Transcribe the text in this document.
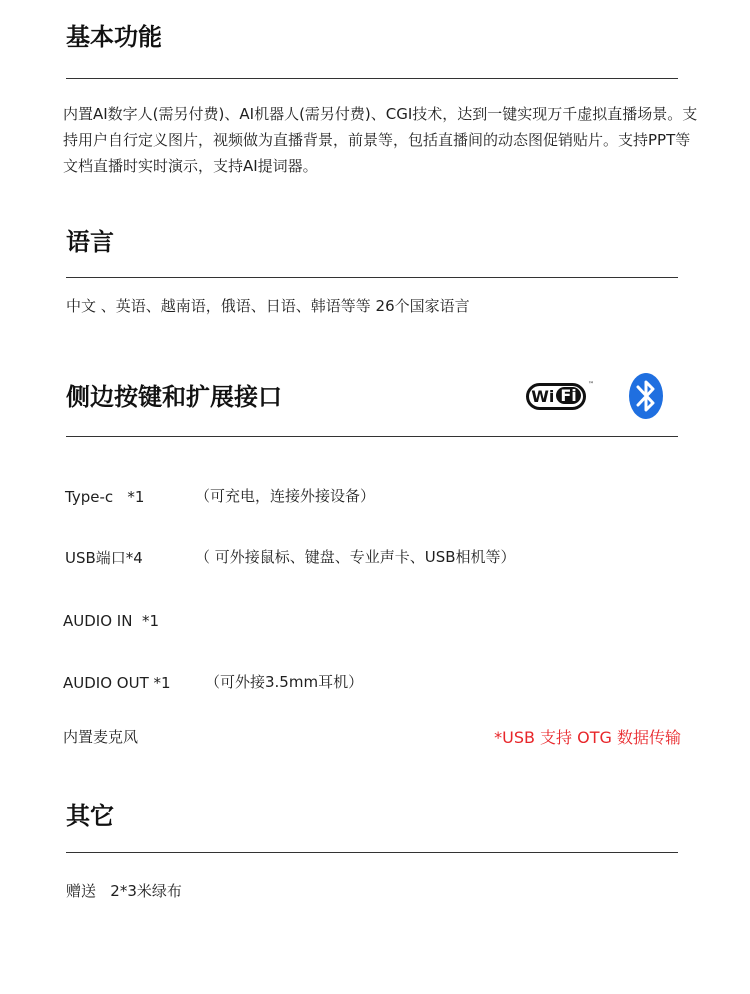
基本功能

内置AI数字人(需另付费)、AI机器人(需另付费)、CGI技术，达到一键实现万千虚拟直播场景。支持用户自行定义图片，视频做为直播背景，前景等，包括直播间的动态图促销贴片。支持PPT等文档直播时实时演示，支持AI提词器。

语言
中文 、英语、越南语，俄语、日语、韩语等等 26个国家语言
侧边按键和扩展接口	Wi Fi
™
Type-c   *1	（可充电，连接外接设备）
USB端口*4	（ 可外接鼠标、键盘、专业声卡、USB相机等）
AUDIO IN  *1
AUDIO OUT *1 （可外接3.5mm耳机）
内置麦克风	*USB 支持 OTG 数据传输
其它
赠送   2*3米绿布
